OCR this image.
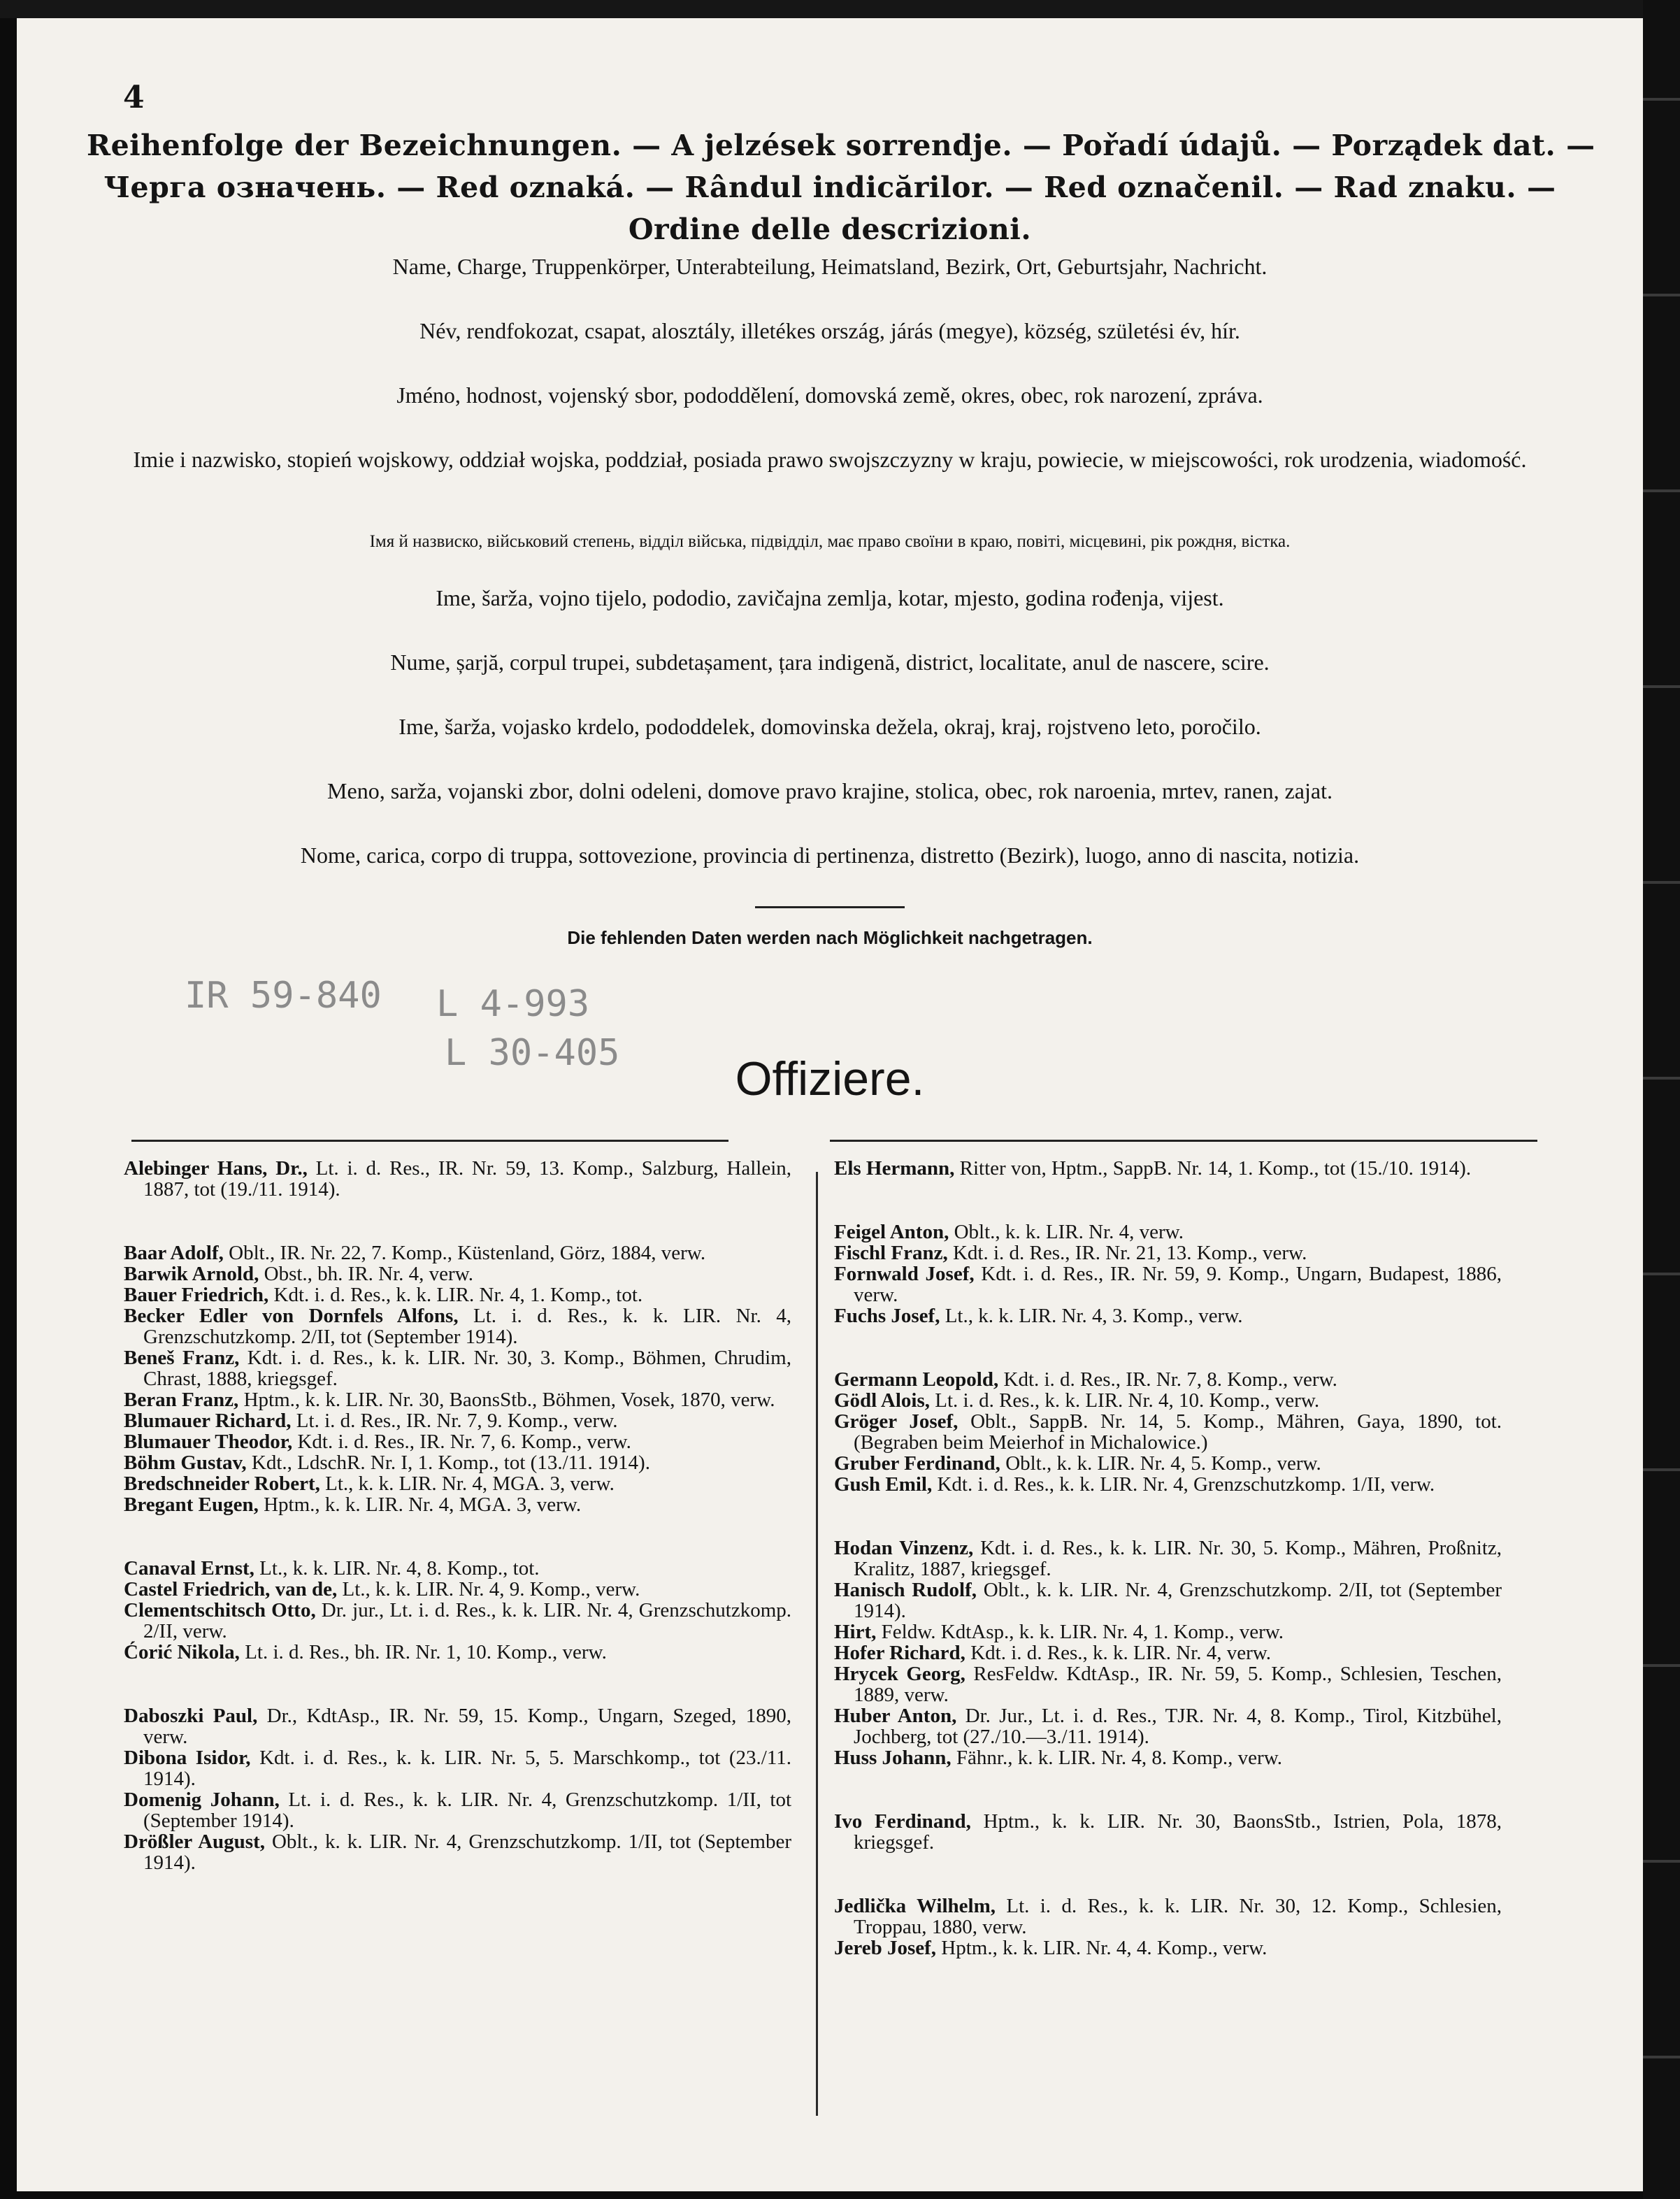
4
Reihenfolge der Bezeichnungen. — A jelzések sorrendje. — Pořadí údajů. — Porządek dat. —
Черга означень. — Red oznaká. — Rândul indicărilor. — Red označenil. — Rad znaku. —
Ordine delle descrizioni.
Name, Charge, Truppenkörper, Unterabteilung, Heimatsland, Bezirk, Ort, Geburtsjahr, Nachricht.
Név, rendfokozat, csapat, alosztály, illetékes ország, járás (megye), község, születési év, hír.
Jméno, hodnost, vojenský sbor, pododdělení, domovská země, okres, obec, rok narození, zpráva.
Imie i nazwisko, stopień wojskowy, oddział wojska, poddział, posiada prawo swojszczyzny w kraju, powiecie, w miejscowości, rok urodzenia, wiadomość.
Імя й назвиско, військовий степень, відділ війська, підвідділ, має право своїни в краю, повіті, місцевині, рік рождня, вістка.
Ime, šarža, vojno tijelo, pododio, zavičajna zemlja, kotar, mjesto, godina rođenja, vijest.
Nume, șarjă, corpul trupei, subdetașament, țara indigenă, district, localitate, anul de nascere, scire.
Ime, šarža, vojasko krdelo, pododdelek, domovinska dežela, okraj, kraj, rojstveno leto, poročilo.
Meno, sarža, vojanski zbor, dolni odeleni, domove pravo krajine, stolica, obec, rok naroenia, mrtev, ranen, zajat.
Nome, carica, corpo di truppa, sottovezione, provincia di pertinenza, distretto (Bezirk), luogo, anno di nascita, notizia.
Die fehlenden Daten werden nach Möglichkeit nachgetragen.
IR 59-840 L 4-993
L 30-405	Offiziere.

Alebinger Hans, Dr., Lt. i. d. Res., IR. Nr. 59, 13. Komp., Salzburg, Hallein, 1887, tot (19./11. 1914).

Baar Adolf, Oblt., IR. Nr. 22, 7. Komp., Küstenland, Görz, 1884, verw.

Barwik Arnold, Obst., bh. IR. Nr. 4, verw.

Bauer Friedrich, Kdt. i. d. Res., k. k. LIR. Nr. 4, 1. Komp., tot.

Becker Edler von Dornfels Alfons, Lt. i. d. Res., k. k. LIR. Nr. 4, Grenzschutzkomp. 2/II, tot (September 1914).

Beneš Franz, Kdt. i. d. Res., k. k. LIR. Nr. 30, 3. Komp., Böhmen, Chrudim, Chrast, 1888, kriegsgef.

Beran Franz, Hptm., k. k. LIR. Nr. 30, BaonsStb., Böhmen, Vosek, 1870, verw.

Blumauer Richard, Lt. i. d. Res., IR. Nr. 7, 9. Komp., verw.

Blumauer Theodor, Kdt. i. d. Res., IR. Nr. 7, 6. Komp., verw.

Böhm Gustav, Kdt., LdschR. Nr. I, 1. Komp., tot (13./11. 1914).

Bredschneider Robert, Lt., k. k. LIR. Nr. 4, MGA. 3, verw.

Bregant Eugen, Hptm., k. k. LIR. Nr. 4, MGA. 3, verw.

Canaval Ernst, Lt., k. k. LIR. Nr. 4, 8. Komp., tot.

Castel Friedrich, van de, Lt., k. k. LIR. Nr. 4, 9. Komp., verw.

Clementschitsch Otto, Dr. jur., Lt. i. d. Res., k. k. LIR. Nr. 4, Grenzschutzkomp. 2/II, verw.

Ćorić Nikola, Lt. i. d. Res., bh. IR. Nr. 1, 10. Komp., verw.

Daboszki Paul, Dr., KdtAsp., IR. Nr. 59, 15. Komp., Ungarn, Szeged, 1890, verw.

Dibona Isidor, Kdt. i. d. Res., k. k. LIR. Nr. 5, 5. Marschkomp., tot (23./11. 1914).

Domenig Johann, Lt. i. d. Res., k. k. LIR. Nr. 4, Grenzschutzkomp. 1/II, tot (September 1914).

Drößler August, Oblt., k. k. LIR. Nr. 4, Grenzschutzkomp. 1/II, tot (September 1914).

Els Hermann, Ritter von, Hptm., SappB. Nr. 14, 1. Komp., tot (15./10. 1914).

Feigel Anton, Oblt., k. k. LIR. Nr. 4, verw.

Fischl Franz, Kdt. i. d. Res., IR. Nr. 21, 13. Komp., verw.

Fornwald Josef, Kdt. i. d. Res., IR. Nr. 59, 9. Komp., Ungarn, Budapest, 1886, verw.

Fuchs Josef, Lt., k. k. LIR. Nr. 4, 3. Komp., verw.

Germann Leopold, Kdt. i. d. Res., IR. Nr. 7, 8. Komp., verw.

Gödl Alois, Lt. i. d. Res., k. k. LIR. Nr. 4, 10. Komp., verw.

Gröger Josef, Oblt., SappB. Nr. 14, 5. Komp., Mähren, Gaya, 1890, tot. (Begraben beim Meierhof in Michalowice.)

Gruber Ferdinand, Oblt., k. k. LIR. Nr. 4, 5. Komp., verw.

Gush Emil, Kdt. i. d. Res., k. k. LIR. Nr. 4, Grenzschutzkomp. 1/II, verw.

Hodan Vinzenz, Kdt. i. d. Res., k. k. LIR. Nr. 30, 5. Komp., Mähren, Proßnitz, Kralitz, 1887, kriegsgef.

Hanisch Rudolf, Oblt., k. k. LIR. Nr. 4, Grenzschutzkomp. 2/II, tot (September 1914).

Hirt, Feldw. KdtAsp., k. k. LIR. Nr. 4, 1. Komp., verw.

Hofer Richard, Kdt. i. d. Res., k. k. LIR. Nr. 4, verw.

Hrycek Georg, ResFeldw. KdtAsp., IR. Nr. 59, 5. Komp., Schlesien, Teschen, 1889, verw.

Huber Anton, Dr. Jur., Lt. i. d. Res., TJR. Nr. 4, 8. Komp., Tirol, Kitzbühel, Jochberg, tot (27./10.—3./11. 1914).

Huss Johann, Fähnr., k. k. LIR. Nr. 4, 8. Komp., verw.

Ivo Ferdinand, Hptm., k. k. LIR. Nr. 30, BaonsStb., Istrien, Pola, 1878, kriegsgef.

Jedlička Wilhelm, Lt. i. d. Res., k. k. LIR. Nr. 30, 12. Komp., Schlesien, Troppau, 1880, verw.

Jereb Josef, Hptm., k. k. LIR. Nr. 4, 4. Komp., verw.
